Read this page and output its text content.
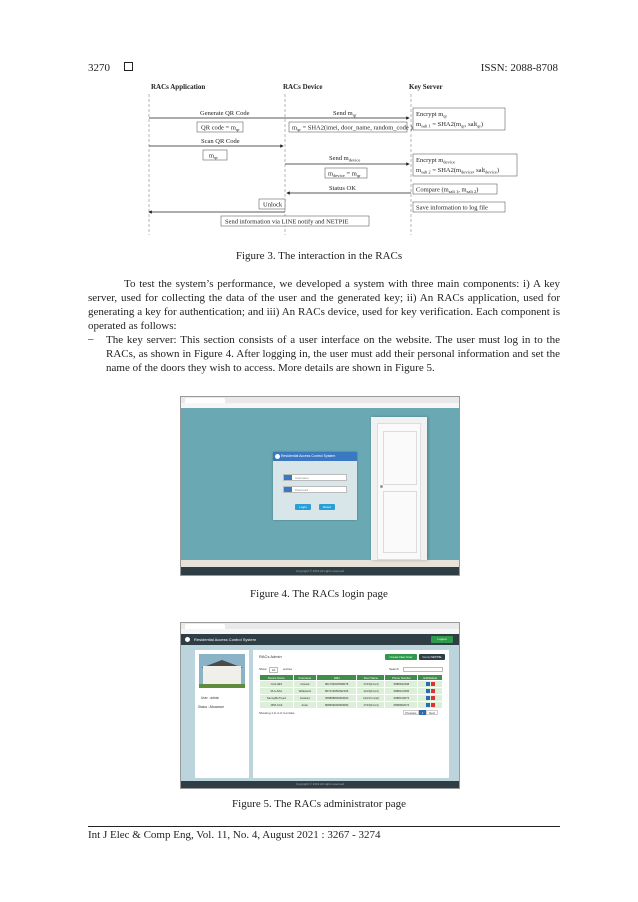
3270	ISSN: 2088-8708
RACs Application	RACs Device	Key Server
Generate QR Code	Send $m_{qr}$
QR code = $m_{qr}$	$m_{qr}$ = SHA2(imei, door_name, random_code )
Encrypt $m_{qr}$
$m_{salt 1} = SHA2(m_{qr}$, salt$_{qr}$)
Scan QR Code
$m_{qr}$	Send $m_{device}$
$m_{device} = m_{qr}$
Encrypt $m_{device}$
$m_{salt 2} = SHA2(m_{device}$, salt$_{device}$)
Status OK	Compare ($m_{salt 1}$, $m_{salt 2}$)
Unlock	Save information to log file
Send information via LINE notify and NETPIE
Figure 3. The interaction in the RACs
To test the system’s performance, we developed a system with three main components: i) A key server, used for collecting the data of the user and the generated key; ii) An RACs application, used for generating a key for authentication; and iii) An RACs device, used for key verification. Each component is operated as follows:
– The key server: This section consists of a user interface on the website. The user must log in to the RACs, as shown in Figure 4. After logging in, the user must add their personal information and set the name of the doors they wish to access. More details are shown in Figure 5.
Residential Access Control System
Username
Password
Login	Reset
Copyright © 2019 All rights reserved
Figure 4. The RACs login page
Residential Access Control System	Logout
User : admin
Status : Allowance
RACs Admin	Create New User	Go to NETPIE
Show	10	entries	Search:
Device Name	Username	IMEI	Door Name	Phone Number	Edit/Delete
CH1-0E3	zwwwd	861769046598078	173/1[Front]	0888932468	
PLA-SA2	Wilawand	867419050492166	121/1[Front]	0888123456	
SamsyBeTreed	Anatrad	358888800000000	124/14 rand]	0988410072	
JPM-CA3	Anan	868999090909080	173/1[Front]	0898962074	
Showing 1 to 4 of 4 entries	Previous	1	Next
Copyright © 2019 All rights reserved
Figure 5. The RACs administrator page
Int J Elec & Comp Eng, Vol. 11, No. 4, August 2021 : 3267 - 3274
